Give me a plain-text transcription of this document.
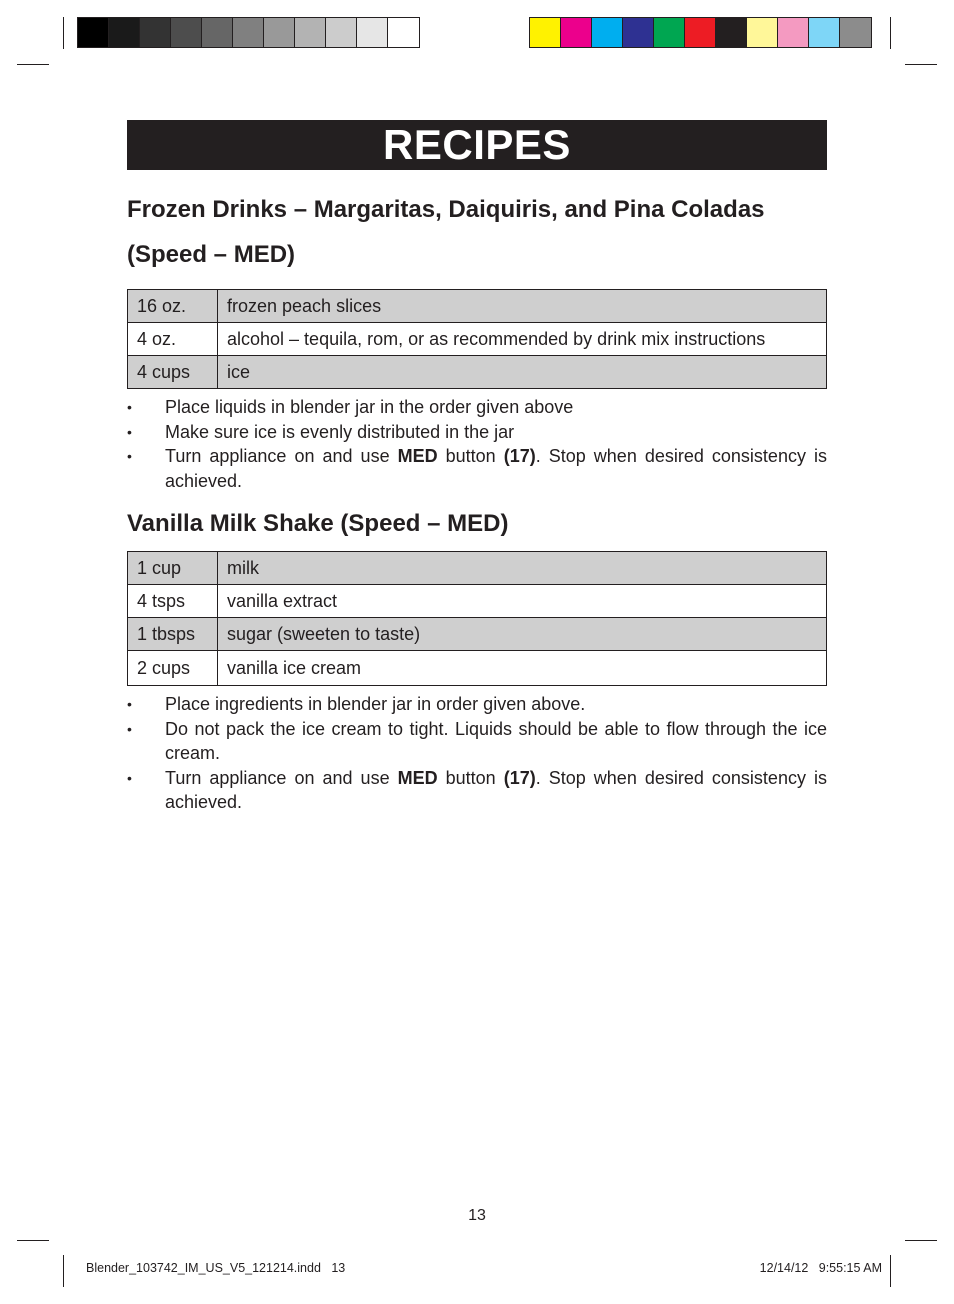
RECIPES
Frozen Drinks – Margaritas, Daiquiris, and Pina Coladas
(Speed – MED)
16 oz.	frozen peach slices
4 oz.	alcohol – tequila, rom, or as recommended by drink mix instructions
4 cups	ice
• Place liquids in blender jar in the order given above
• Make sure ice is evenly distributed in the jar
• Turn appliance on and use MED button (17). Stop when desired consistency is achieved.
Vanilla Milk Shake (Speed – MED)
1 cup	milk
4 tsps	vanilla extract
1 tbsps	sugar (sweeten to taste)
2 cups	vanilla ice cream
• Place ingredients in blender jar in order given above.
• Do not pack the ice cream to tight. Liquids should be able to flow through the ice cream.
• Turn appliance on and use MED button (17). Stop when desired consistency is achieved.
13
Blender_103742_IM_US_V5_121214.indd   13	12/14/12   9:55:15 AM
